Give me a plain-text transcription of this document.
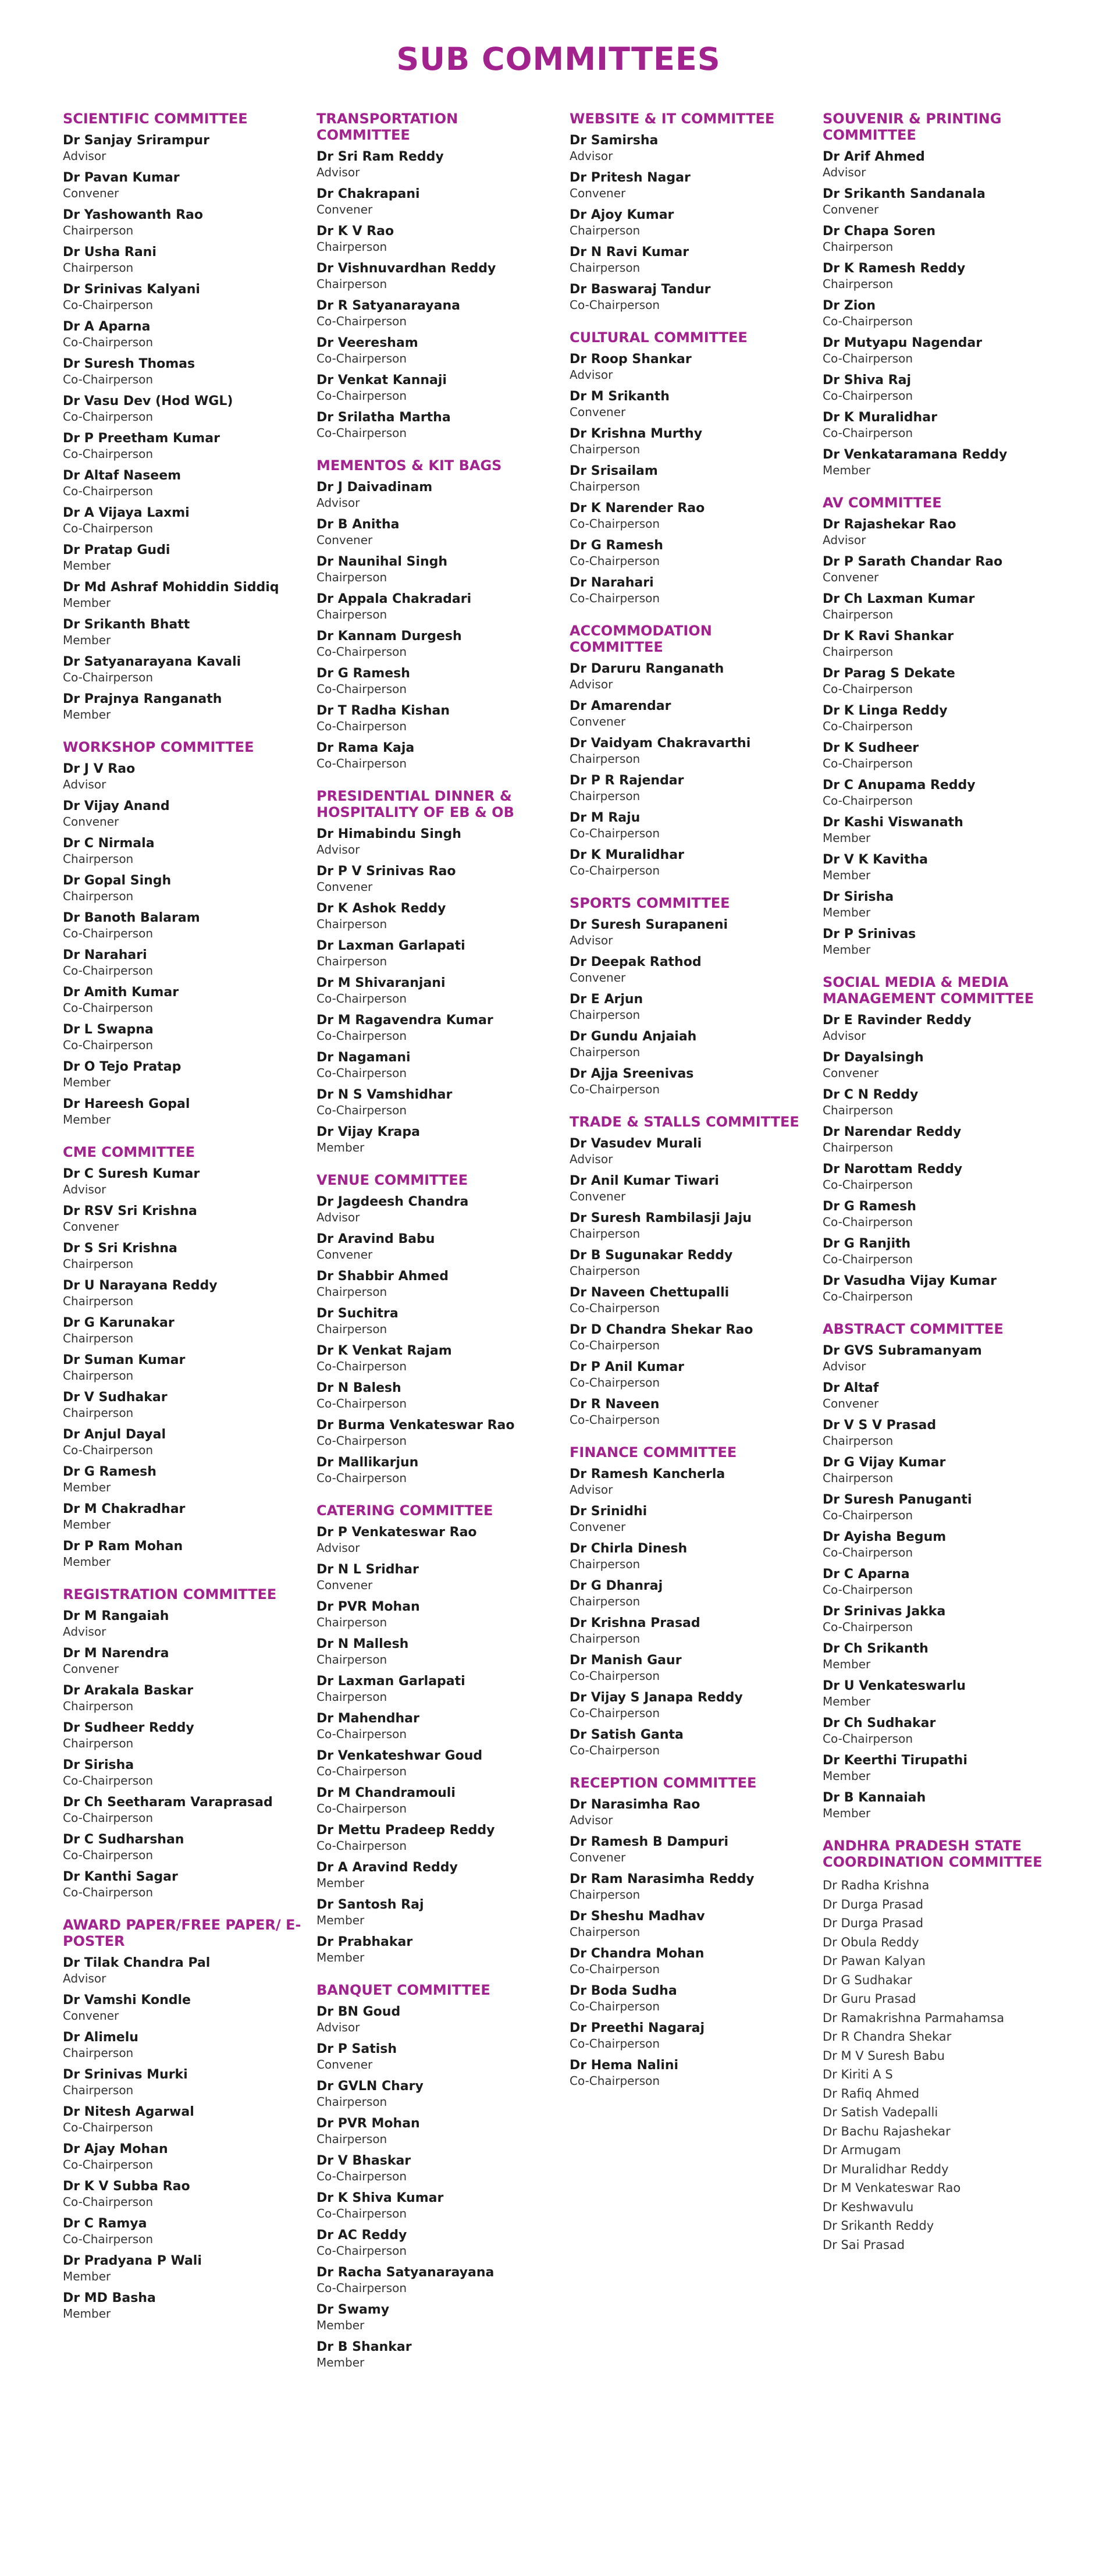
SUB COMMITTEES
SCIENTIFIC COMMITTEE
Dr Sanjay Srirampur
Advisor
Dr Pavan Kumar
Convener
Dr Yashowanth Rao
Chairperson
Dr Usha Rani
Chairperson
Dr Srinivas Kalyani
Co-Chairperson
Dr A Aparna
Co-Chairperson
Dr Suresh Thomas
Co-Chairperson
Dr Vasu Dev (Hod WGL)
Co-Chairperson
Dr P Preetham Kumar
Co-Chairperson
Dr Altaf Naseem
Co-Chairperson
Dr A Vijaya Laxmi
Co-Chairperson
Dr Pratap Gudi
Member
Dr Md Ashraf Mohiddin Siddiq
Member
Dr Srikanth Bhatt
Member
Dr Satyanarayana Kavali
Co-Chairperson
Dr Prajnya Ranganath
Member
WORKSHOP COMMITTEE
Dr J V Rao
Advisor
Dr Vijay Anand
Convener
Dr C Nirmala
Chairperson
Dr Gopal Singh
Chairperson
Dr Banoth Balaram
Co-Chairperson
Dr Narahari
Co-Chairperson
Dr Amith Kumar
Co-Chairperson
Dr L Swapna
Co-Chairperson
Dr O Tejo Pratap
Member
Dr Hareesh Gopal
Member
CME COMMITTEE
Dr C Suresh Kumar
Advisor
Dr RSV Sri Krishna
Convener
Dr S Sri Krishna
Chairperson
Dr U Narayana Reddy
Chairperson
Dr G Karunakar
Chairperson
Dr Suman Kumar
Chairperson
Dr V Sudhakar
Chairperson
Dr Anjul Dayal
Co-Chairperson
Dr G Ramesh
Member
Dr M Chakradhar
Member
Dr P Ram Mohan
Member
REGISTRATION COMMITTEE
Dr M Rangaiah
Advisor
Dr M Narendra
Convener
Dr Arakala Baskar
Chairperson
Dr Sudheer Reddy
Chairperson
Dr Sirisha
Co-Chairperson
Dr Ch Seetharam Varaprasad
Co-Chairperson
Dr C Sudharshan
Co-Chairperson
Dr Kanthi Sagar
Co-Chairperson
AWARD PAPER/FREE PAPER/ E-POSTER
Dr Tilak Chandra Pal
Advisor
Dr Vamshi Kondle
Convener
Dr Alimelu
Chairperson
Dr Srinivas Murki
Chairperson
Dr Nitesh Agarwal
Co-Chairperson
Dr Ajay Mohan
Co-Chairperson
Dr K V Subba Rao
Co-Chairperson
Dr C Ramya
Co-Chairperson
Dr Pradyana P Wali
Member
Dr MD Basha
Member
TRANSPORTATION COMMITTEE
Dr Sri Ram Reddy
Advisor
Dr Chakrapani
Convener
Dr K V Rao
Chairperson
Dr Vishnuvardhan Reddy
Chairperson
Dr R Satyanarayana
Co-Chairperson
Dr Veeresham
Co-Chairperson
Dr Venkat Kannaji
Co-Chairperson
Dr Srilatha Martha
Co-Chairperson
MEMENTOS & KIT BAGS
Dr J Daivadinam
Advisor
Dr B Anitha
Convener
Dr Naunihal Singh
Chairperson
Dr Appala Chakradari
Chairperson
Dr Kannam Durgesh
Co-Chairperson
Dr G Ramesh
Co-Chairperson
Dr T Radha Kishan
Co-Chairperson
Dr Rama Kaja
Co-Chairperson
PRESIDENTIAL DINNER & HOSPITALITY OF EB & OB
Dr Himabindu Singh
Advisor
Dr P V Srinivas Rao
Convener
Dr K Ashok Reddy
Chairperson
Dr Laxman Garlapati
Chairperson
Dr M Shivaranjani
Co-Chairperson
Dr M Ragavendra Kumar
Co-Chairperson
Dr Nagamani
Co-Chairperson
Dr N S Vamshidhar
Co-Chairperson
Dr Vijay Krapa
Member
VENUE COMMITTEE
Dr Jagdeesh Chandra
Advisor
Dr Aravind Babu
Convener
Dr Shabbir Ahmed
Chairperson
Dr Suchitra
Chairperson
Dr K Venkat Rajam
Co-Chairperson
Dr N Balesh
Co-Chairperson
Dr Burma Venkateswar Rao
Co-Chairperson
Dr Mallikarjun
Co-Chairperson
CATERING COMMITTEE
Dr P Venkateswar Rao
Advisor
Dr N L Sridhar
Convener
Dr PVR Mohan
Chairperson
Dr N Mallesh
Chairperson
Dr Laxman Garlapati
Chairperson
Dr Mahendhar
Co-Chairperson
Dr Venkateshwar Goud
Co-Chairperson
Dr M Chandramouli
Co-Chairperson
Dr Mettu Pradeep Reddy
Co-Chairperson
Dr A Aravind Reddy
Member
Dr Santosh Raj
Member
Dr Prabhakar
Member
BANQUET COMMITTEE
Dr BN Goud
Advisor
Dr P Satish
Convener
Dr GVLN Chary
Chairperson
Dr PVR Mohan
Chairperson
Dr V Bhaskar
Co-Chairperson
Dr K Shiva Kumar
Co-Chairperson
Dr AC Reddy
Co-Chairperson
Dr Racha Satyanarayana
Co-Chairperson
Dr Swamy
Member
Dr B Shankar
Member
WEBSITE & IT COMMITTEE
Dr Samirsha
Advisor
Dr Pritesh Nagar
Convener
Dr Ajoy Kumar
Chairperson
Dr N Ravi Kumar
Chairperson
Dr Baswaraj Tandur
Co-Chairperson
CULTURAL COMMITTEE
Dr Roop Shankar
Advisor
Dr M Srikanth
Convener
Dr Krishna Murthy
Chairperson
Dr Srisailam
Chairperson
Dr K Narender Rao
Co-Chairperson
Dr G Ramesh
Co-Chairperson
Dr Narahari
Co-Chairperson
ACCOMMODATION COMMITTEE
Dr Daruru Ranganath
Advisor
Dr Amarendar
Convener
Dr Vaidyam Chakravarthi
Chairperson
Dr P R Rajendar
Chairperson
Dr M Raju
Co-Chairperson
Dr K Muralidhar
Co-Chairperson
SPORTS COMMITTEE
Dr Suresh Surapaneni
Advisor
Dr Deepak Rathod
Convener
Dr E Arjun
Chairperson
Dr Gundu Anjaiah
Chairperson
Dr Ajja Sreenivas
Co-Chairperson
TRADE & STALLS COMMITTEE
Dr Vasudev Murali
Advisor
Dr Anil Kumar Tiwari
Convener
Dr Suresh Rambilasji Jaju
Chairperson
Dr B Sugunakar Reddy
Chairperson
Dr Naveen Chettupalli
Co-Chairperson
Dr D Chandra Shekar Rao
Co-Chairperson
Dr P Anil Kumar
Co-Chairperson
Dr R Naveen
Co-Chairperson
FINANCE COMMITTEE
Dr Ramesh Kancherla
Advisor
Dr Srinidhi
Convener
Dr Chirla Dinesh
Chairperson
Dr G Dhanraj
Chairperson
Dr Krishna Prasad
Chairperson
Dr Manish Gaur
Co-Chairperson
Dr Vijay S Janapa Reddy
Co-Chairperson
Dr Satish Ganta
Co-Chairperson
RECEPTION COMMITTEE
Dr Narasimha Rao
Advisor
Dr Ramesh B Dampuri
Convener
Dr Ram Narasimha Reddy
Chairperson
Dr Sheshu Madhav
Chairperson
Dr Chandra Mohan
Co-Chairperson
Dr Boda Sudha
Co-Chairperson
Dr Preethi Nagaraj
Co-Chairperson
Dr Hema Nalini
Co-Chairperson
SOUVENIR & PRINTING COMMITTEE
Dr Arif Ahmed
Advisor
Dr Srikanth Sandanala
Convener
Dr Chapa Soren
Chairperson
Dr K Ramesh Reddy
Chairperson
Dr Zion
Co-Chairperson
Dr Mutyapu Nagendar
Co-Chairperson
Dr Shiva Raj
Co-Chairperson
Dr K Muralidhar
Co-Chairperson
Dr Venkataramana Reddy
Member
AV COMMITTEE
Dr Rajashekar Rao
Advisor
Dr P Sarath Chandar Rao
Convener
Dr Ch Laxman Kumar
Chairperson
Dr K Ravi Shankar
Chairperson
Dr Parag S Dekate
Co-Chairperson
Dr K Linga Reddy
Co-Chairperson
Dr K Sudheer
Co-Chairperson
Dr C Anupama Reddy
Co-Chairperson
Dr Kashi Viswanath
Member
Dr V K Kavitha
Member
Dr Sirisha
Member
Dr P Srinivas
Member
SOCIAL MEDIA & MEDIA MANAGEMENT COMMITTEE
Dr E Ravinder Reddy
Advisor
Dr Dayalsingh
Convener
Dr C N Reddy
Chairperson
Dr Narendar Reddy
Chairperson
Dr Narottam Reddy
Co-Chairperson
Dr G Ramesh
Co-Chairperson
Dr G Ranjith
Co-Chairperson
Dr Vasudha Vijay Kumar
Co-Chairperson
ABSTRACT COMMITTEE
Dr GVS Subramanyam
Advisor
Dr Altaf
Convener
Dr V S V Prasad
Chairperson
Dr G Vijay Kumar
Chairperson
Dr Suresh Panuganti
Co-Chairperson
Dr Ayisha Begum
Co-Chairperson
Dr C Aparna
Co-Chairperson
Dr Srinivas Jakka
Co-Chairperson
Dr Ch Srikanth
Member
Dr U Venkateswarlu
Member
Dr Ch Sudhakar
Co-Chairperson
Dr Keerthi Tirupathi
Member
Dr B Kannaiah
Member
ANDHRA PRADESH STATE COORDINATION COMMITTEE
Dr Radha Krishna
Dr Durga Prasad
Dr Durga Prasad
Dr Obula Reddy
Dr Pawan Kalyan
Dr G Sudhakar
Dr Guru Prasad
Dr Ramakrishna Parmahamsa
Dr R Chandra Shekar
Dr M V Suresh Babu
Dr Kiriti A S
Dr Rafiq Ahmed
Dr Satish Vadepalli
Dr Bachu Rajashekar
Dr Armugam
Dr Muralidhar Reddy
Dr M Venkateswar Rao
Dr Keshwavulu
Dr Srikanth Reddy
Dr Sai Prasad
